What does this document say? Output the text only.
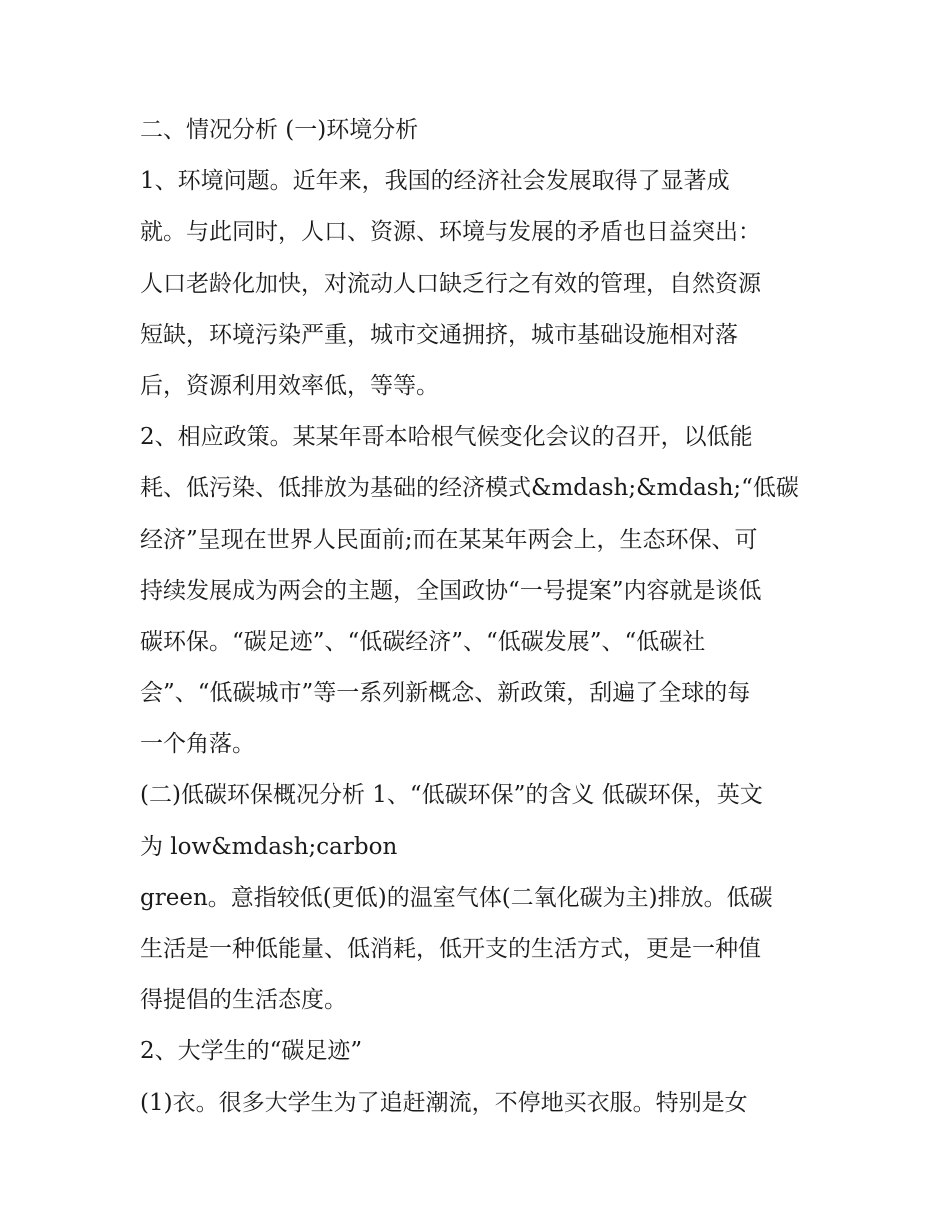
二、情况分析 (一)环境分析
1、环境问题。近年来，我国的经济社会发展取得了显著成
就。与此同时，人口、资源、环境与发展的矛盾也日益突出：
人口老龄化加快，对流动人口缺乏行之有效的管理，自然资源
短缺，环境污染严重，城市交通拥挤，城市基础设施相对落
后，资源利用效率低，等等。
2、相应政策。某某年哥本哈根气候变化会议的召开，以低能
耗、低污染、低排放为基础的经济模式&mdash;&mdash;“低碳
经济”呈现在世界人民面前;而在某某年两会上，生态环保、可
持续发展成为两会的主题，全国政协“一号提案”内容就是谈低
碳环保。“碳足迹”、“低碳经济”、“低碳发展”、“低碳社
会”、“低碳城市”等一系列新概念、新政策，刮遍了全球的每
一个角落。
(二)低碳环保概况分析 1、“低碳环保”的含义 低碳环保，英文
为 low&mdash;carbon
green。意指较低(更低)的温室气体(二氧化碳为主)排放。低碳
生活是一种低能量、低消耗，低开支的生活方式，更是一种值
得提倡的生活态度。
2、大学生的“碳足迹”
(1)衣。很多大学生为了追赶潮流，不停地买衣服。特别是女
